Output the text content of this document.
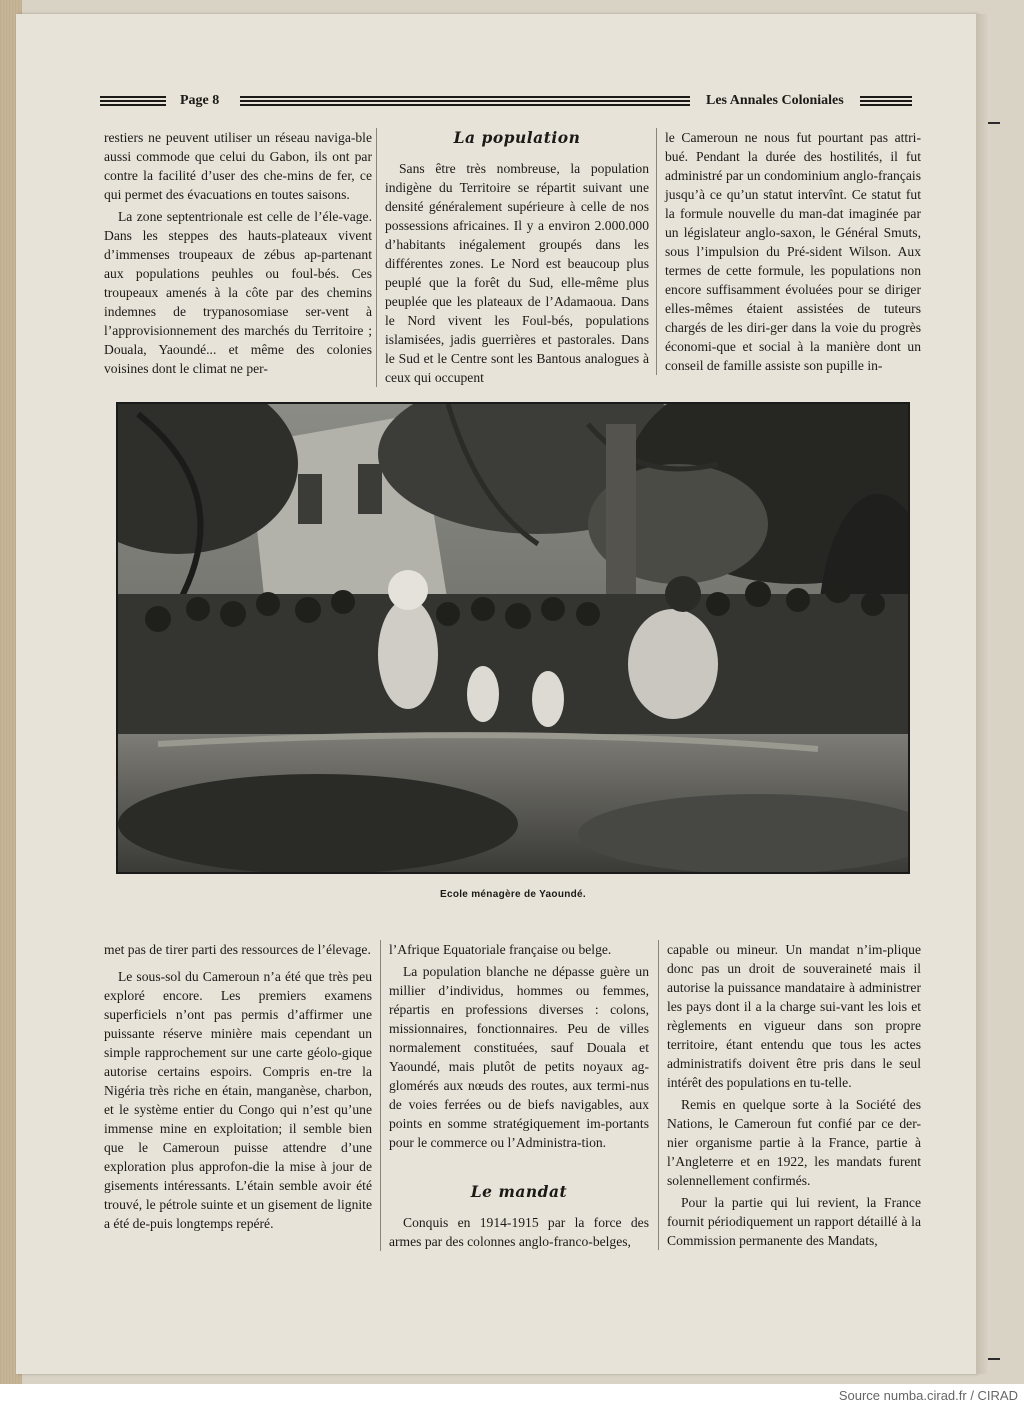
Page 8	Les Annales Coloniales

restiers ne peuvent utiliser un réseau naviga-ble aussi commode que celui du Gabon, ils ont par contre la facilité d’user des che-mins de fer, ce qui permet des évacuations en toutes saisons.

La zone septentrionale est celle de l’éle-vage. Dans les steppes des hauts-plateaux vivent d’immenses troupeaux de zébus ap-partenant aux populations peuhles ou foul-bés. Ces troupeaux amenés à la côte par des chemins indemnes de trypanosomiase ser-vent à l’approvisionnement des marchés du Territoire ; Douala, Yaoundé... et même des colonies voisines dont le climat ne per-

La population

Sans être très nombreuse, la population indigène du Territoire se répartit suivant une densité généralement supérieure à celle de nos possessions africaines. Il y a environ 2.000.000 d’habitants inégalement groupés dans les différentes zones. Le Nord est beaucoup plus peuplé que la forêt du Sud, elle-même plus peuplée que les plateaux de l’Adamaoua. Dans le Nord vivent les Foul-bés, populations islamisées, jadis guerrières et pastorales. Dans le Sud et le Centre sont les Bantous analogues à ceux qui occupent

le Cameroun ne nous fut pourtant pas attri-bué. Pendant la durée des hostilités, il fut administré par un condominium anglo-français jusqu’à ce qu’un statut intervînt. Ce statut fut la formule nouvelle du man-dat imaginée par un législateur anglo-saxon, le Général Smuts, sous l’impulsion du Pré-sident Wilson. Aux termes de cette formule, les populations non encore suffisamment évoluées pour se diriger elles-mêmes étaient assistées de tuteurs chargés de les diri-ger dans la voie du progrès économi-que et social à la manière dont un conseil de famille assiste son pupille in-

Ecole ménagère de Yaoundé.

met pas de tirer parti des ressources de l’élevage.

Le sous-sol du Cameroun n’a été que très peu exploré encore. Les premiers examens superficiels n’ont pas permis d’affirmer une puissante réserve minière mais cependant un simple rapprochement sur une carte géolo-gique autorise certains espoirs. Compris en-tre la Nigéria très riche en étain, manganèse, charbon, et le système entier du Congo qui n’est qu’une immense mine en exploitation; il semble bien que le Cameroun puisse attendre d’une exploration plus approfon-die la mise à jour de gisements intéressants. L’étain semble avoir été trouvé, le pétrole suinte et un gisement de lignite a été de-puis longtemps repéré.

l’Afrique Equatoriale française ou belge.

La population blanche ne dépasse guère un millier d’individus, hommes ou femmes, répartis en professions diverses : colons, missionnaires, fonctionnaires. Peu de villes normalement constituées, sauf Douala et Yaoundé, mais plutôt de petits noyaux ag-glomérés aux nœuds des routes, aux termi-nus de voies ferrées ou de biefs navigables, aux points en somme stratégiquement im-portants pour le commerce ou l’Administra-tion.

Le mandat

Conquis en 1914-1915 par la force des armes par des colonnes anglo-franco-belges,

capable ou mineur. Un mandat n’im-plique donc pas un droit de souveraineté mais il autorise la puissance mandataire à administrer les pays dont il a la charge sui-vant les lois et règlements en vigueur dans son propre territoire, étant entendu que tous les actes administratifs doivent être pris dans le seul intérêt des populations en tu-telle.

Remis en quelque sorte à la Société des Nations, le Cameroun fut confié par ce der-nier organisme partie à la France, partie à l’Angleterre et en 1922, les mandats furent solennellement confirmés.

Pour la partie qui lui revient, la France fournit périodiquement un rapport détaillé à la Commission permanente des Mandats,

Source numba.cirad.fr / CIRAD
